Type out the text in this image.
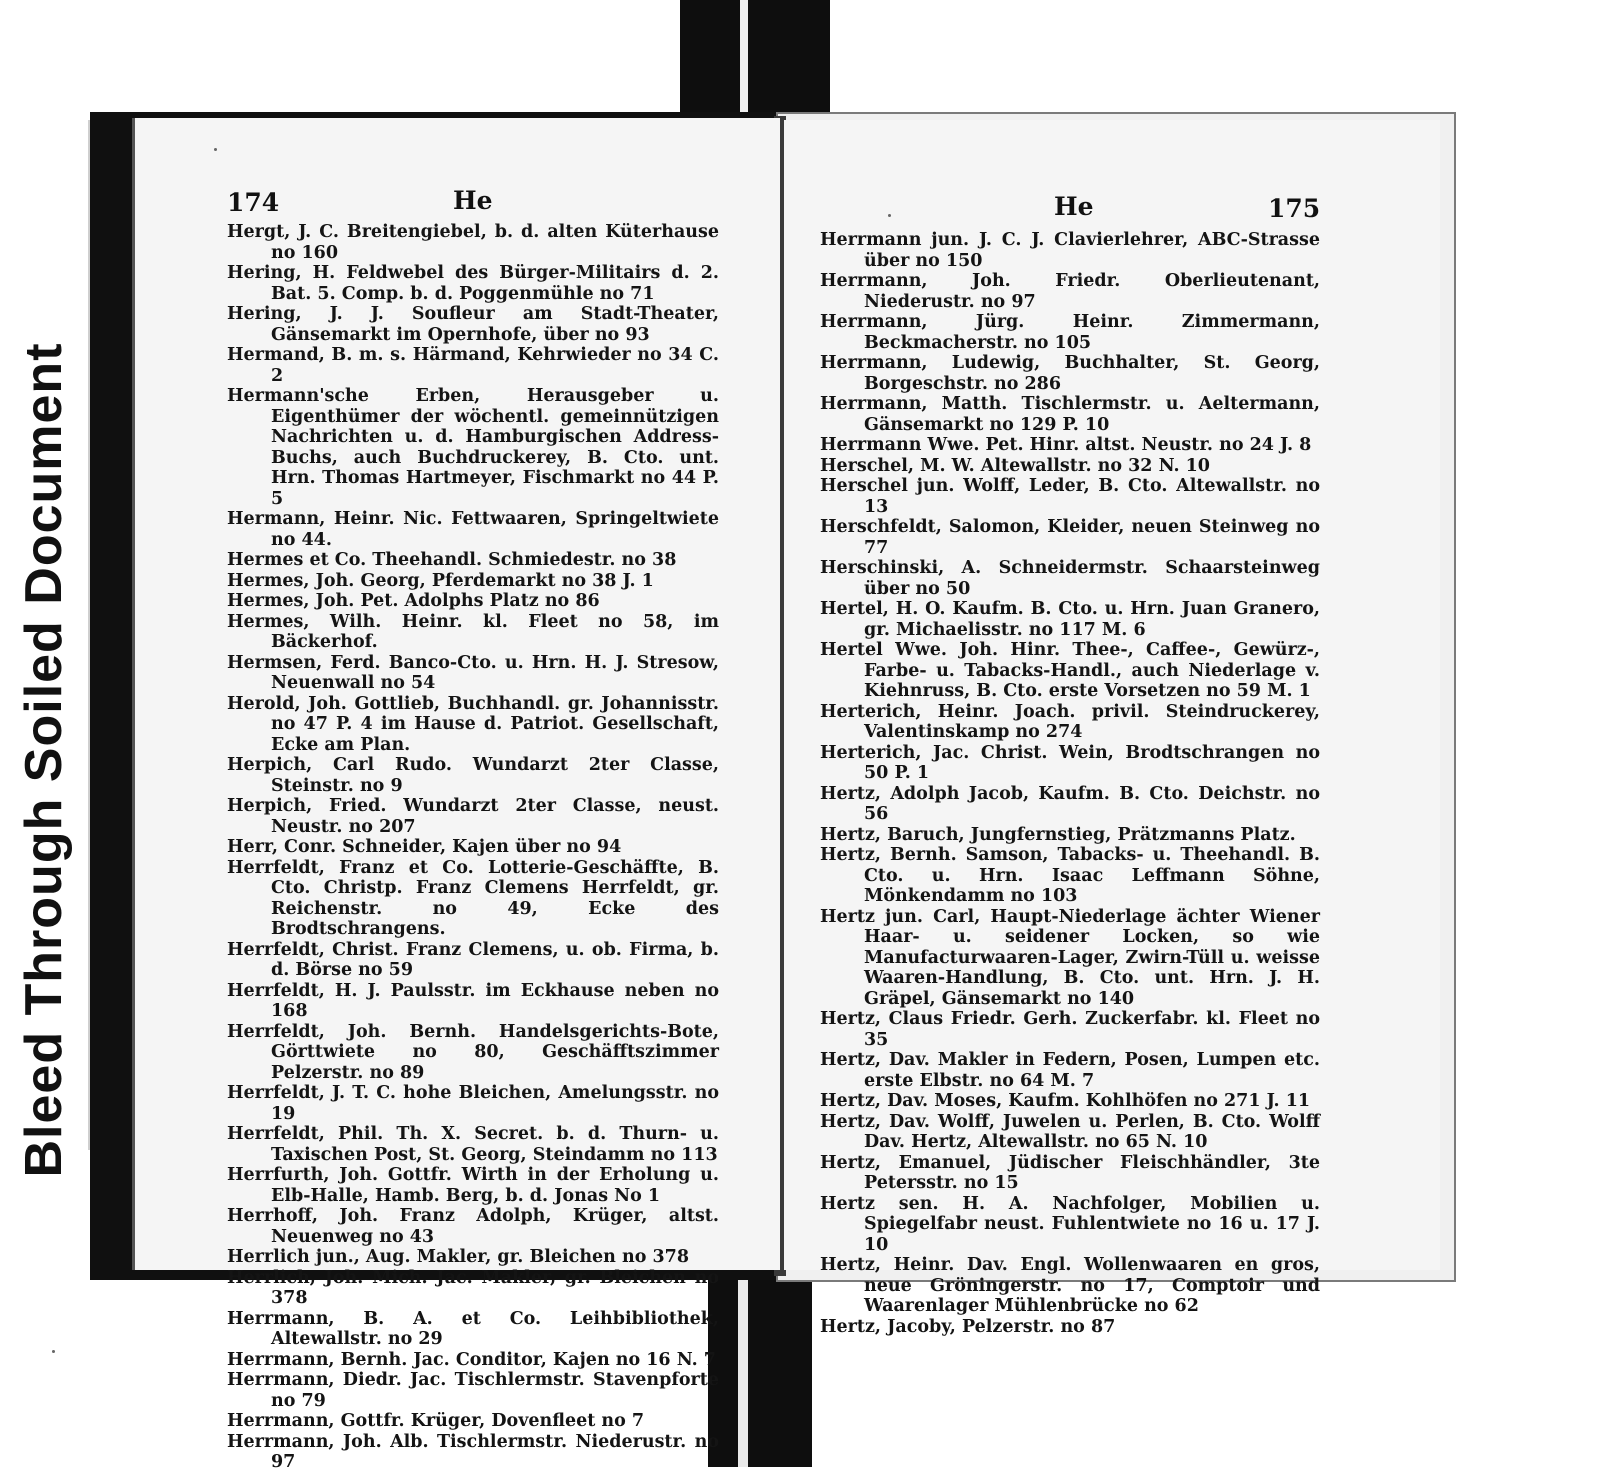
Bleed Through Soiled Document
174	He

Hergt, J. C. Breitengiebel, b. d. alten Küterhause no 160

Hering, H. Feldwebel des Bürger-Militairs d. 2. Bat. 5. Comp. b. d. Poggenmühle no 71

Hering, J. J. Soufleur am Stadt-Theater, Gänsemarkt im Opernhofe, über no 93

Hermand, B. m. s. Härmand, Kehrwieder no 34 C. 2

Hermann'sche Erben, Herausgeber u. Eigenthümer der wöchentl. gemeinnützigen Nachrichten u. d. Hamburgischen Address-Buchs, auch Buchdruckerey, B. Cto. unt. Hrn. Thomas Hartmeyer, Fischmarkt no 44 P. 5

Hermann, Heinr. Nic. Fettwaaren, Springeltwiete no 44.

Hermes et Co. Theehandl. Schmiedestr. no 38

Hermes, Joh. Georg, Pferdemarkt no 38 J. 1

Hermes, Joh. Pet. Adolphs Platz no 86

Hermes, Wilh. Heinr. kl. Fleet no 58, im Bäckerhof.

Hermsen, Ferd. Banco-Cto. u. Hrn. H. J. Stresow, Neuenwall no 54

Herold, Joh. Gottlieb, Buchhandl. gr. Johannisstr. no 47 P. 4 im Hause d. Patriot. Gesellschaft, Ecke am Plan.

Herpich, Carl Rudo. Wundarzt 2ter Classe, Steinstr. no 9

Herpich, Fried. Wundarzt 2ter Classe, neust. Neustr. no 207

Herr, Conr. Schneider, Kajen über no 94

Herrfeldt, Franz et Co. Lotterie-Geschäffte, B. Cto. Christp. Franz Clemens Herrfeldt, gr. Reichenstr. no 49, Ecke des Brodtschrangens.

Herrfeldt, Christ. Franz Clemens, u. ob. Firma, b. d. Börse no 59

Herrfeldt, H. J. Paulsstr. im Eckhause neben no 168

Herrfeldt, Joh. Bernh. Handelsgerichts-Bote, Görttwiete no 80, Geschäfftszimmer Pelzerstr. no 89

Herrfeldt, J. T. C. hohe Bleichen, Amelungsstr. no 19

Herrfeldt, Phil. Th. X. Secret. b. d. Thurn- u. Taxischen Post, St. Georg, Steindamm no 113

Herrfurth, Joh. Gottfr. Wirth in der Erholung u. Elb-Halle, Hamb. Berg, b. d. Jonas No 1

Herrhoff, Joh. Franz Adolph, Krüger, altst. Neuenweg no 43

Herrlich jun., Aug. Makler, gr. Bleichen no 378

Herrlich, Joh. Mich. Jac. Makler, gr. Bleichen no 378

Herrmann, B. A. et Co. Leihbibliothek, Altewallstr. no 29

Herrmann, Bernh. Jac. Conditor, Kajen no 16 N. 7

Herrmann, Diedr. Jac. Tischlermstr. Stavenpforte no 79

Herrmann, Gottfr. Krüger, Dovenfleet no 7

Herrmann, Joh. Alb. Tischlermstr. Niederustr. no 97

He	175

Herrmann jun. J. C. J. Clavierlehrer, ABC-Strasse über no 150

Herrmann, Joh. Friedr. Oberlieutenant, Niederustr. no 97

Herrmann, Jürg. Heinr. Zimmermann, Beckmacherstr. no 105

Herrmann, Ludewig, Buchhalter, St. Georg, Borgeschstr. no 286

Herrmann, Matth. Tischlermstr. u. Aeltermann, Gänsemarkt no 129 P. 10

Herrmann Wwe. Pet. Hinr. altst. Neustr. no 24 J. 8

Herschel, M. W. Altewallstr. no 32 N. 10

Herschel jun. Wolff, Leder, B. Cto. Altewallstr. no 13

Herschfeldt, Salomon, Kleider, neuen Steinweg no 77

Herschinski, A. Schneidermstr. Schaarsteinweg über no 50

Hertel, H. O. Kaufm. B. Cto. u. Hrn. Juan Granero, gr. Michaelisstr. no 117 M. 6

Hertel Wwe. Joh. Hinr. Thee-, Caffee-, Gewürz-, Farbe- u. Tabacks-Handl., auch Niederlage v. Kiehnruss, B. Cto. erste Vorsetzen no 59 M. 1

Herterich, Heinr. Joach. privil. Steindruckerey, Valentinskamp no 274

Herterich, Jac. Christ. Wein, Brodtschrangen no 50 P. 1

Hertz, Adolph Jacob, Kaufm. B. Cto. Deichstr. no 56

Hertz, Baruch, Jungfernstieg, Prätzmanns Platz.

Hertz, Bernh. Samson, Tabacks- u. Theehandl. B. Cto. u. Hrn. Isaac Leffmann Söhne, Mönkendamm no 103

Hertz jun. Carl, Haupt-Niederlage ächter Wiener Haar- u. seidener Locken, so wie Manufacturwaaren-Lager, Zwirn-Tüll u. weisse Waaren-Handlung, B. Cto. unt. Hrn. J. H. Gräpel, Gänsemarkt no 140

Hertz, Claus Friedr. Gerh. Zuckerfabr. kl. Fleet no 35

Hertz, Dav. Makler in Federn, Posen, Lumpen etc. erste Elbstr. no 64 M. 7

Hertz, Dav. Moses, Kaufm. Kohlhöfen no 271 J. 11

Hertz, Dav. Wolff, Juwelen u. Perlen, B. Cto. Wolff Dav. Hertz, Altewallstr. no 65 N. 10

Hertz, Emanuel, Jüdischer Fleischhändler, 3te Petersstr. no 15

Hertz sen. H. A. Nachfolger, Mobilien u. Spiegelfabr neust. Fuhlentwiete no 16 u. 17 J. 10

Hertz, Heinr. Dav. Engl. Wollenwaaren en gros, neue Gröningerstr. no 17, Comptoir und Waarenlager Mühlenbrücke no 62

Hertz, Jacoby, Pelzerstr. no 87
